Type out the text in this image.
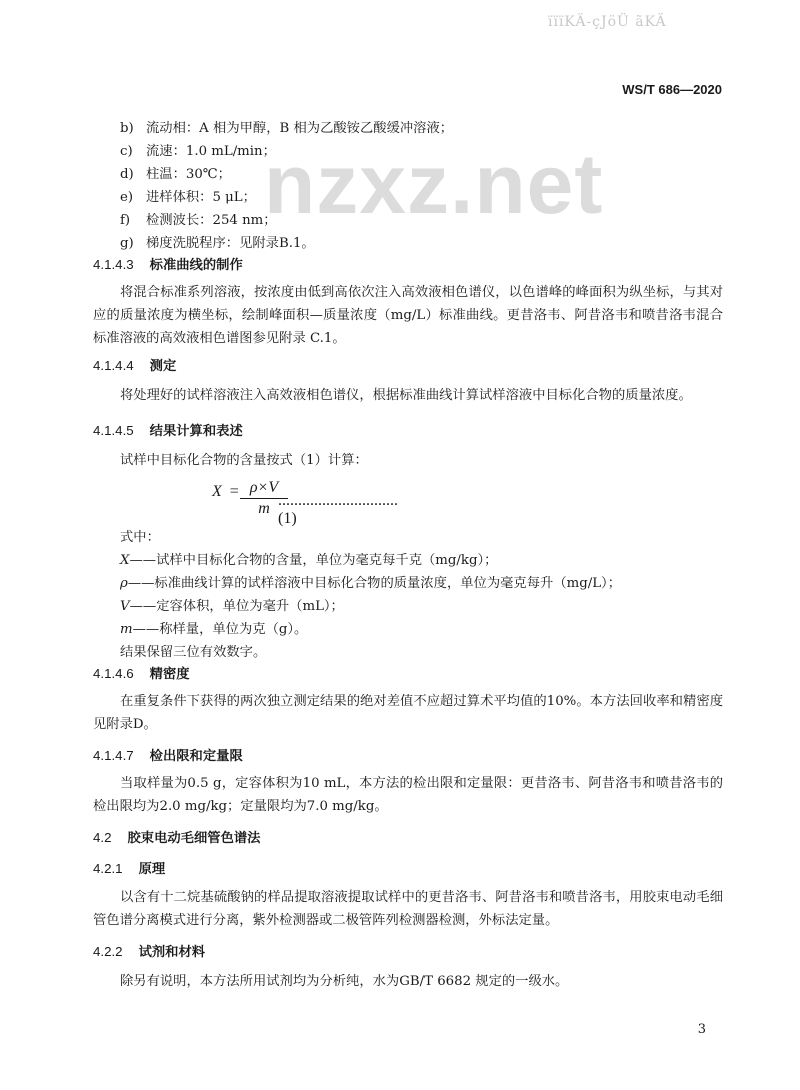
ïïïKÄ-çJöÜ ãKÄ
WS/T 686—2020
nzxz.net
b) 流动相：A 相为甲醇，B 相为乙酸铵乙酸缓冲溶液；
c) 流速：1.0 mL/min；
d) 柱温：30℃；
e) 进样体积：5 μL；
f) 检测波长：254 nm；
g) 梯度洗脱程序：见附录B.1。
4.1.4.3 标准曲线的制作
将混合标准系列溶液，按浓度由低到高依次注入高效液相色谱仪，以色谱峰的峰面积为纵坐标，与其对应的质量浓度为横坐标，绘制峰面积—质量浓度（mg/L）标准曲线。更昔洛韦、阿昔洛韦和喷昔洛韦混合标准溶液的高效液相色谱图参见附录 C.1。
4.1.4.4 测定
将处理好的试样溶液注入高效液相色谱仪，根据标准曲线计算试样溶液中目标化合物的质量浓度。
4.1.4.5 结果计算和表述
试样中目标化合物的含量按式（1）计算：
X = ρ×V
m ..............................(1)
式中：
X——试样中目标化合物的含量，单位为毫克每千克（mg/kg）；
ρ——标准曲线计算的试样溶液中目标化合物的质量浓度，单位为毫克每升（mg/L）；
V——定容体积，单位为毫升（mL）；
m——称样量，单位为克（g）。
结果保留三位有效数字。
4.1.4.6 精密度
在重复条件下获得的两次独立测定结果的绝对差值不应超过算术平均值的10%。本方法回收率和精密度见附录D。
4.1.4.7 检出限和定量限
当取样量为0.5 g，定容体积为10 mL，本方法的检出限和定量限：更昔洛韦、阿昔洛韦和喷昔洛韦的检出限均为2.0 mg/kg；定量限均为7.0 mg/kg。
4.2 胶束电动毛细管色谱法
4.2.1 原理
以含有十二烷基硫酸钠的样品提取溶液提取试样中的更昔洛韦、阿昔洛韦和喷昔洛韦，用胶束电动毛细管色谱分离模式进行分离，紫外检测器或二极管阵列检测器检测，外标法定量。
4.2.2 试剂和材料
除另有说明，本方法所用试剂均为分析纯，水为GB/T 6682 规定的一级水。
3
